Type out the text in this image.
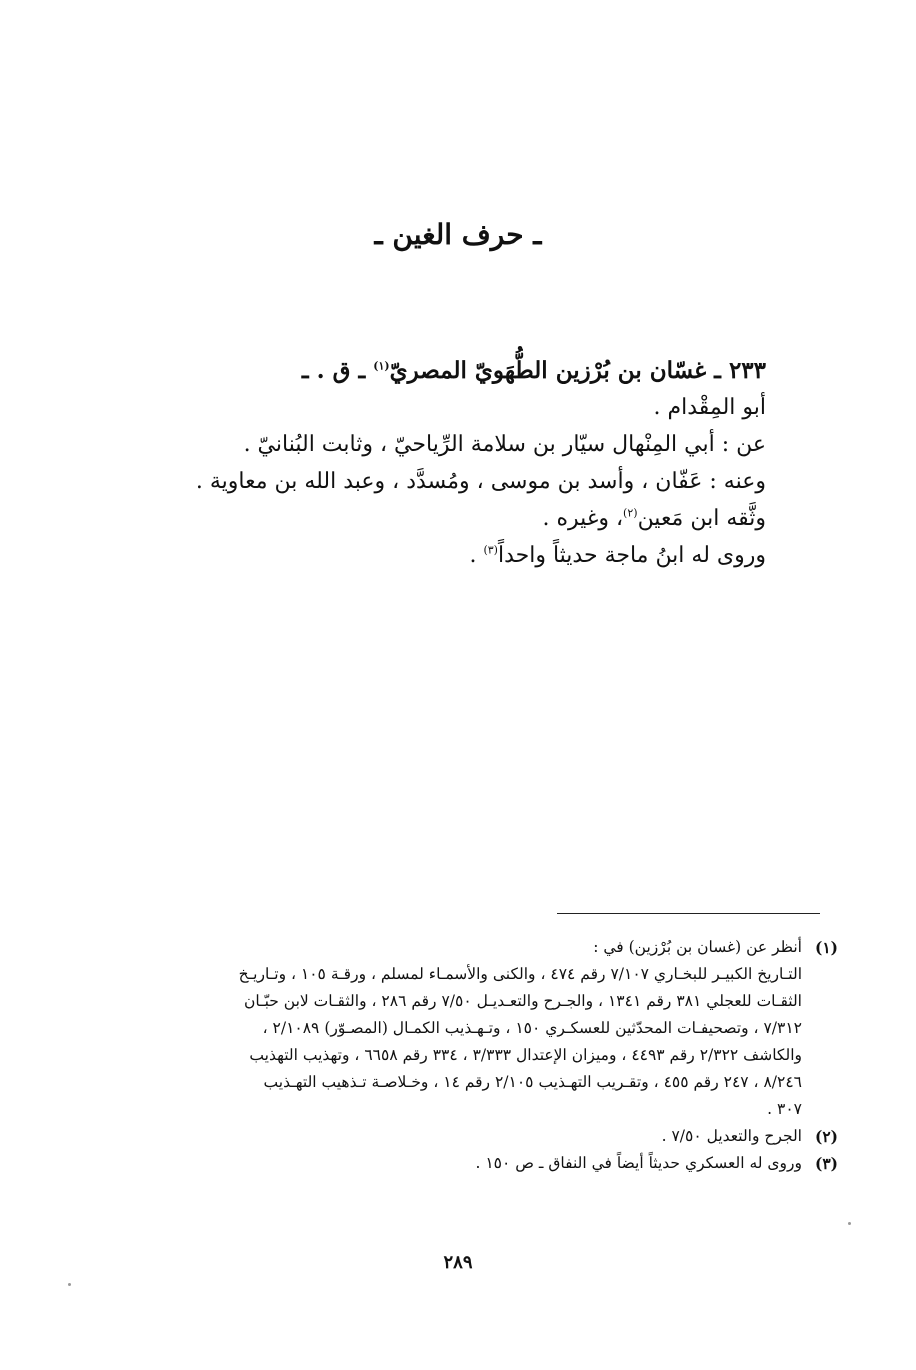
ـ حرف الغين ـ

٢٣٣ ـ غسّان بن بُرْزين الطُّهَويّ المصريّ$^{(١)}$ ـ ق . ـ

أبو المِقْدام .

عن : أبي المِنْهال سيّار بن سلامة الرِّياحيّ ، وثابت البُنانيّ .

وعنه : عَفّان ، وأسد بن موسى ، ومُسدَّد ، وعبد الله بن معاوية .

وثَّقه ابن مَعين$^{(٢)}$، وغيره .

وروى له ابنُ ماجة حديثاً واحداً$^{(٣)}$ .

(١)
أنظر عن (غسان بن بُرْزين) في :
التـاريخ الكبيـر للبخـاري ٧/١٠٧ رقم ٤٧٤ ، والكنى والأسمـاء لمسلم ، ورقـة ١٠٥ ، وتـاريـخ
الثقـات للعجلي ٣٨١ رقم ١٣٤١ ، والجـرح والتعـديـل ٧/٥٠ رقم ٢٨٦ ، والثقـات لابن حبّـان
٧/٣١٢ ، وتصحيفـات المحدّثين للعسكـري ١٥٠ ، وتـهـذيب الكمـال (المصـوّر) ٢/١٠٨٩ ،
والكاشف ٢/٣٢٢ رقم ٤٤٩٣ ، وميزان الإعتدال ٣/٣٣٣ ، ٣٣٤ رقم ٦٦٥٨ ، وتهذيب التهذيب
٨/٢٤٦ ، ٢٤٧ رقم ٤٥٥ ، وتقـريب التهـذيب ٢/١٠٥ رقم ١٤ ، وخـلاصـة تـذهيب التهـذيب
٣٠٧ .
(٢)
الجرح والتعديل ٧/٥٠ .
(٣)
وروى له العسكري حديثاً أيضاً في النفاق ـ ص ١٥٠ .
٢٨٩
